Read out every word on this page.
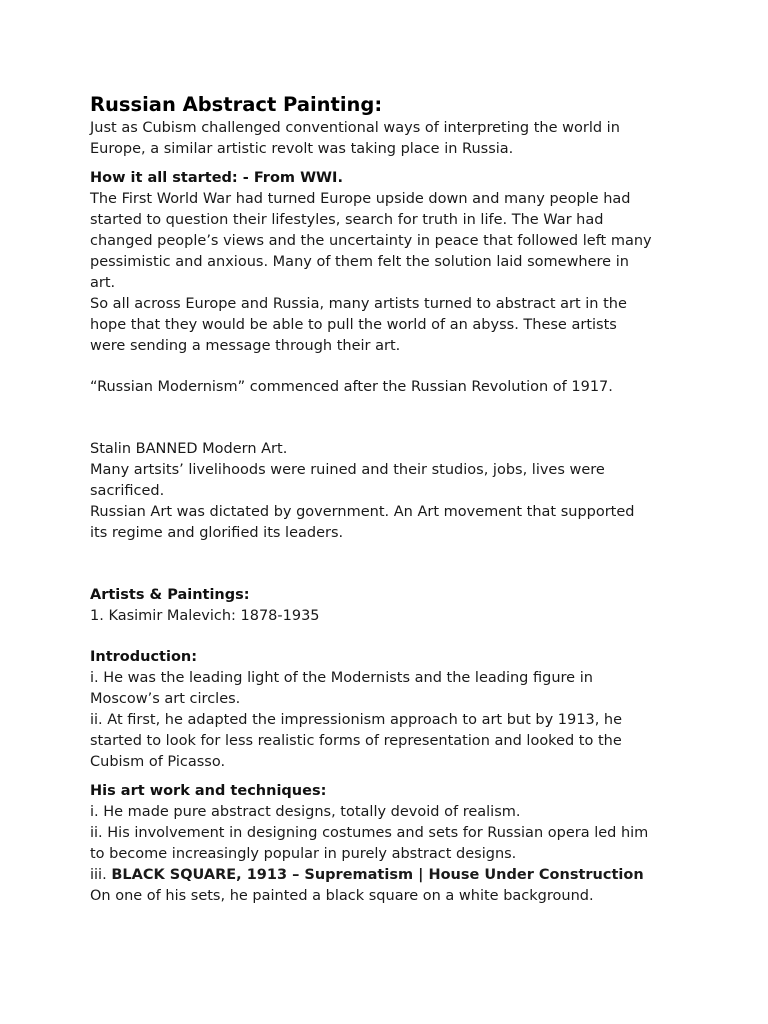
Russian Abstract Painting:

Just as Cubism challenged conventional ways of interpreting the world in
Europe, a similar artistic revolt was taking place in Russia.

How it all started: - From WWI.

The First World War had turned Europe upside down and many people had
started to question their lifestyles, search for truth in life. The War had
changed people’s views and the uncertainty in peace that followed left many
pessimistic and anxious. Many of them felt the solution laid somewhere in
art.
So all across Europe and Russia, many artists turned to abstract art in the
hope that they would be able to pull the world of an abyss. These artists
were sending a message through their art.

“Russian Modernism” commenced after the Russian Revolution of 1917.

Stalin BANNED Modern Art.
Many artsits’ livelihoods were ruined and their studios, jobs, lives were
sacrificed.
Russian Art was dictated by government. An Art movement that supported
its regime and glorified its leaders.

Artists & Paintings:

1. Kasimir Malevich: 1878-1935

Introduction:

i. He was the leading light of the Modernists and the leading figure in
Moscow’s art circles.
ii. At first, he adapted the impressionism approach to art but by 1913, he
started to look for less realistic forms of representation and looked to the
Cubism of Picasso.

His art work and techniques:

i. He made pure abstract designs, totally devoid of realism.
ii. His involvement in designing costumes and sets for Russian opera led him
to become increasingly popular in purely abstract designs.
iii. BLACK SQUARE, 1913 – Suprematism | House Under Construction
On one of his sets, he painted a black square on a white background.
